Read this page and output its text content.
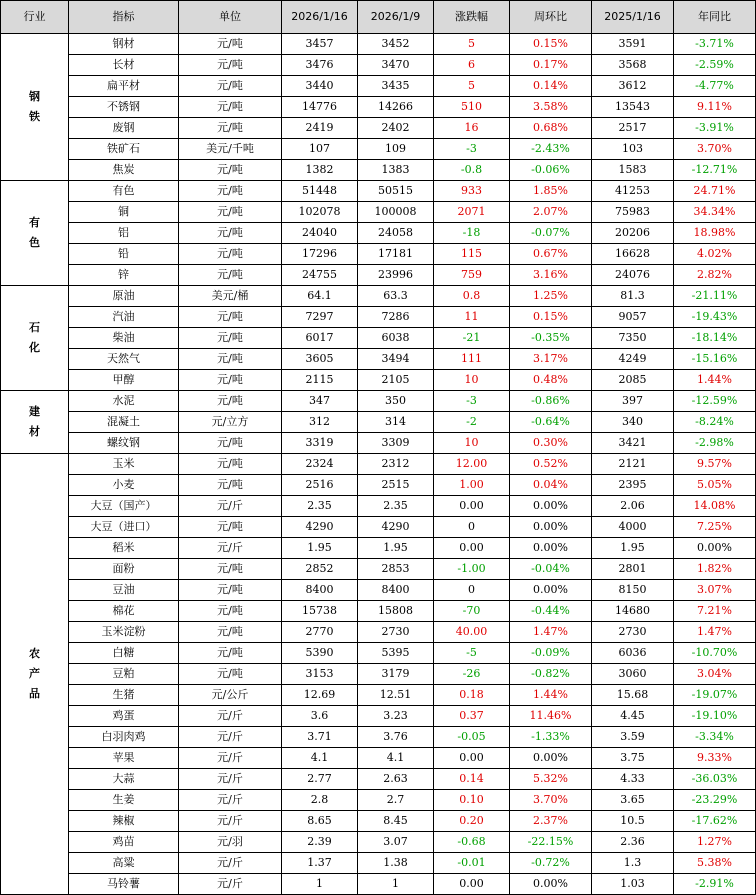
行业	指标	单位	2026/1/16	2026/1/9	涨跌幅	周环比	2025/1/16	年同比
钢铁	钢材	元/吨	3457	3452	5	0.15%	3591	-3.71%
	长材	元/吨	3476	3470	6	0.17%	3568	-2.59%
	扁平材	元/吨	3440	3435	5	0.14%	3612	-4.77%
	不锈钢	元/吨	14776	14266	510	3.58%	13543	9.11%
	废钢	元/吨	2419	2402	16	0.68%	2517	-3.91%
	铁矿石	美元/千吨	107	109	-3	-2.43%	103	3.70%
	焦炭	元/吨	1382	1383	-0.8	-0.06%	1583	-12.71%
有色	有色	元/吨	51448	50515	933	1.85%	41253	24.71%
	铜	元/吨	102078	100008	2071	2.07%	75983	34.34%
	铝	元/吨	24040	24058	-18	-0.07%	20206	18.98%
	铅	元/吨	17296	17181	115	0.67%	16628	4.02%
	锌	元/吨	24755	23996	759	3.16%	24076	2.82%
石化	原油	美元/桶	64.1	63.3	0.8	1.25%	81.3	-21.11%
	汽油	元/吨	7297	7286	11	0.15%	9057	-19.43%
	柴油	元/吨	6017	6038	-21	-0.35%	7350	-18.14%
	天然气	元/吨	3605	3494	111	3.17%	4249	-15.16%
	甲醇	元/吨	2115	2105	10	0.48%	2085	1.44%
建材	水泥	元/吨	347	350	-3	-0.86%	397	-12.59%
	混凝土	元/立方	312	314	-2	-0.64%	340	-8.24%
	螺纹钢	元/吨	3319	3309	10	0.30%	3421	-2.98%
农产品	玉米	元/吨	2324	2312	12.00	0.52%	2121	9.57%
	小麦	元/吨	2516	2515	1.00	0.04%	2395	5.05%
	大豆（国产）	元/斤	2.35	2.35	0.00	0.00%	2.06	14.08%
	大豆（进口）	元/吨	4290	4290	0	0.00%	4000	7.25%
	稻米	元/斤	1.95	1.95	0.00	0.00%	1.95	0.00%
	面粉	元/吨	2852	2853	-1.00	-0.04%	2801	1.82%
	豆油	元/吨	8400	8400	0	0.00%	8150	3.07%
	棉花	元/吨	15738	15808	-70	-0.44%	14680	7.21%
	玉米淀粉	元/吨	2770	2730	40.00	1.47%	2730	1.47%
	白糖	元/吨	5390	5395	-5	-0.09%	6036	-10.70%
	豆粕	元/吨	3153	3179	-26	-0.82%	3060	3.04%
	生猪	元/公斤	12.69	12.51	0.18	1.44%	15.68	-19.07%
	鸡蛋	元/斤	3.6	3.23	0.37	11.46%	4.45	-19.10%
	白羽肉鸡	元/斤	3.71	3.76	-0.05	-1.33%	3.59	-3.34%
	苹果	元/斤	4.1	4.1	0.00	0.00%	3.75	9.33%
	大蒜	元/斤	2.77	2.63	0.14	5.32%	4.33	-36.03%
	生姜	元/斤	2.8	2.7	0.10	3.70%	3.65	-23.29%
	辣椒	元/斤	8.65	8.45	0.20	2.37%	10.5	-17.62%
	鸡苗	元/羽	2.39	3.07	-0.68	-22.15%	2.36	1.27%
	高粱	元/斤	1.37	1.38	-0.01	-0.72%	1.3	5.38%
	马铃薯	元/斤	1	1	0.00	0.00%	1.03	-2.91%
